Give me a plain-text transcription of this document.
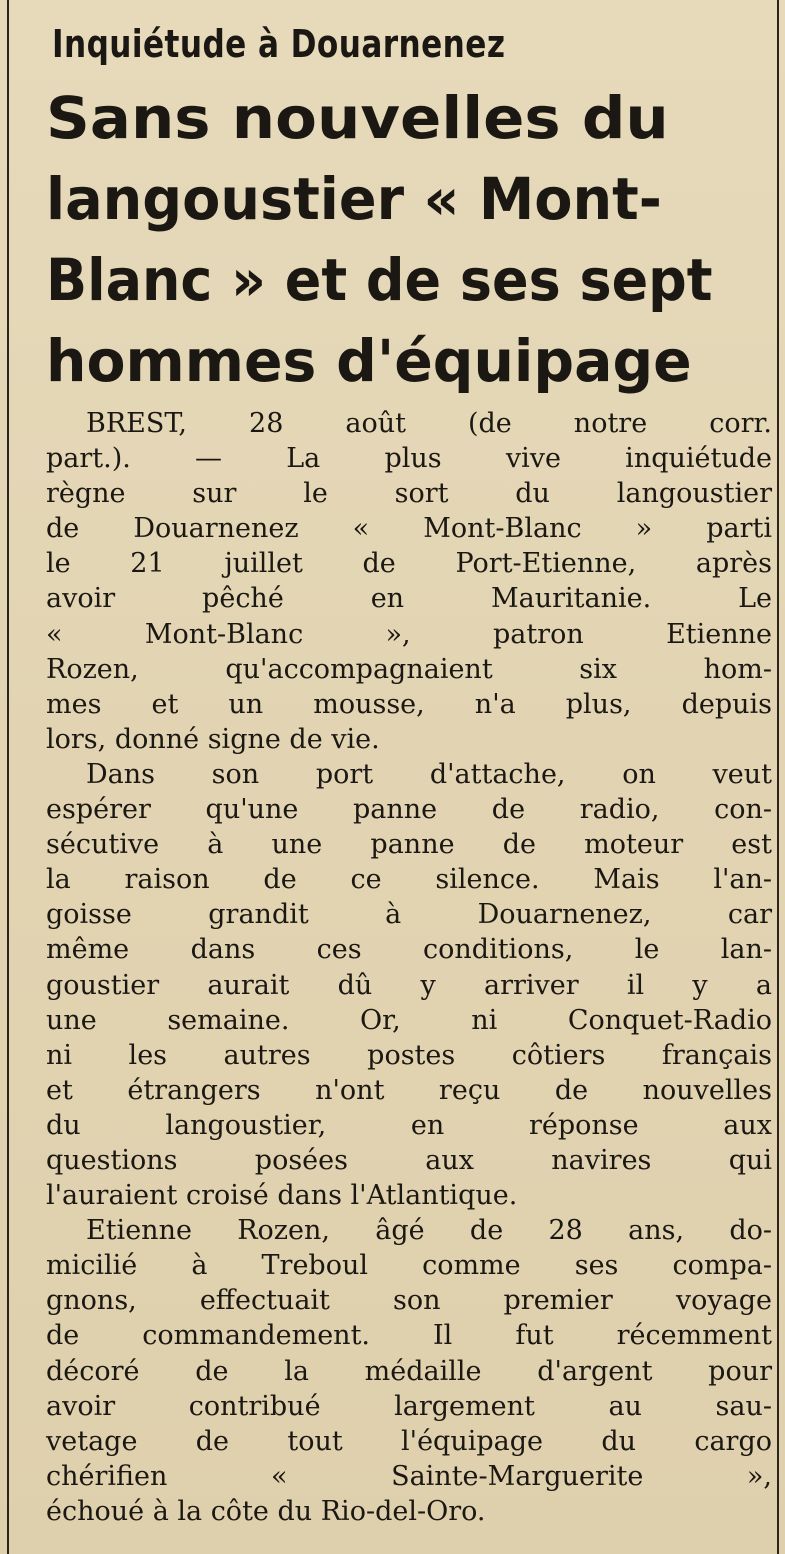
Inquiétude à Douarnenez
Sans nouvelles du
langoustier « Mont-
Blanc » et de ses sept
hommes d'équipage
BREST, 28 août (de notre corr.
part.). — La plus vive inquiétude
règne sur le sort du langoustier
de Douarnenez « Mont-Blanc » parti
le 21 juillet de Port-Etienne, après
avoir pêché en Mauritanie. Le
« Mont-Blanc », patron Etienne
Rozen, qu'accompagnaient six hom-
mes et un mousse, n'a plus, depuis
lors, donné signe de vie.
Dans son port d'attache, on veut
espérer qu'une panne de radio, con-
sécutive à une panne de moteur est
la raison de ce silence. Mais l'an-
goisse grandit à Douarnenez, car
même dans ces conditions, le lan-
goustier aurait dû y arriver il y a
une semaine. Or, ni Conquet-Radio
ni les autres postes côtiers français
et étrangers n'ont reçu de nouvelles
du langoustier, en réponse aux
questions posées aux navires qui
l'auraient croisé dans l'Atlantique.
Etienne Rozen, âgé de 28 ans, do-
micilié à Treboul comme ses compa-
gnons, effectuait son premier voyage
de commandement. Il fut récemment
décoré de la médaille d'argent pour
avoir contribué largement au sau-
vetage de tout l'équipage du cargo
chérifien « Sainte-Marguerite »,
échoué à la côte du Rio-del-Oro.
